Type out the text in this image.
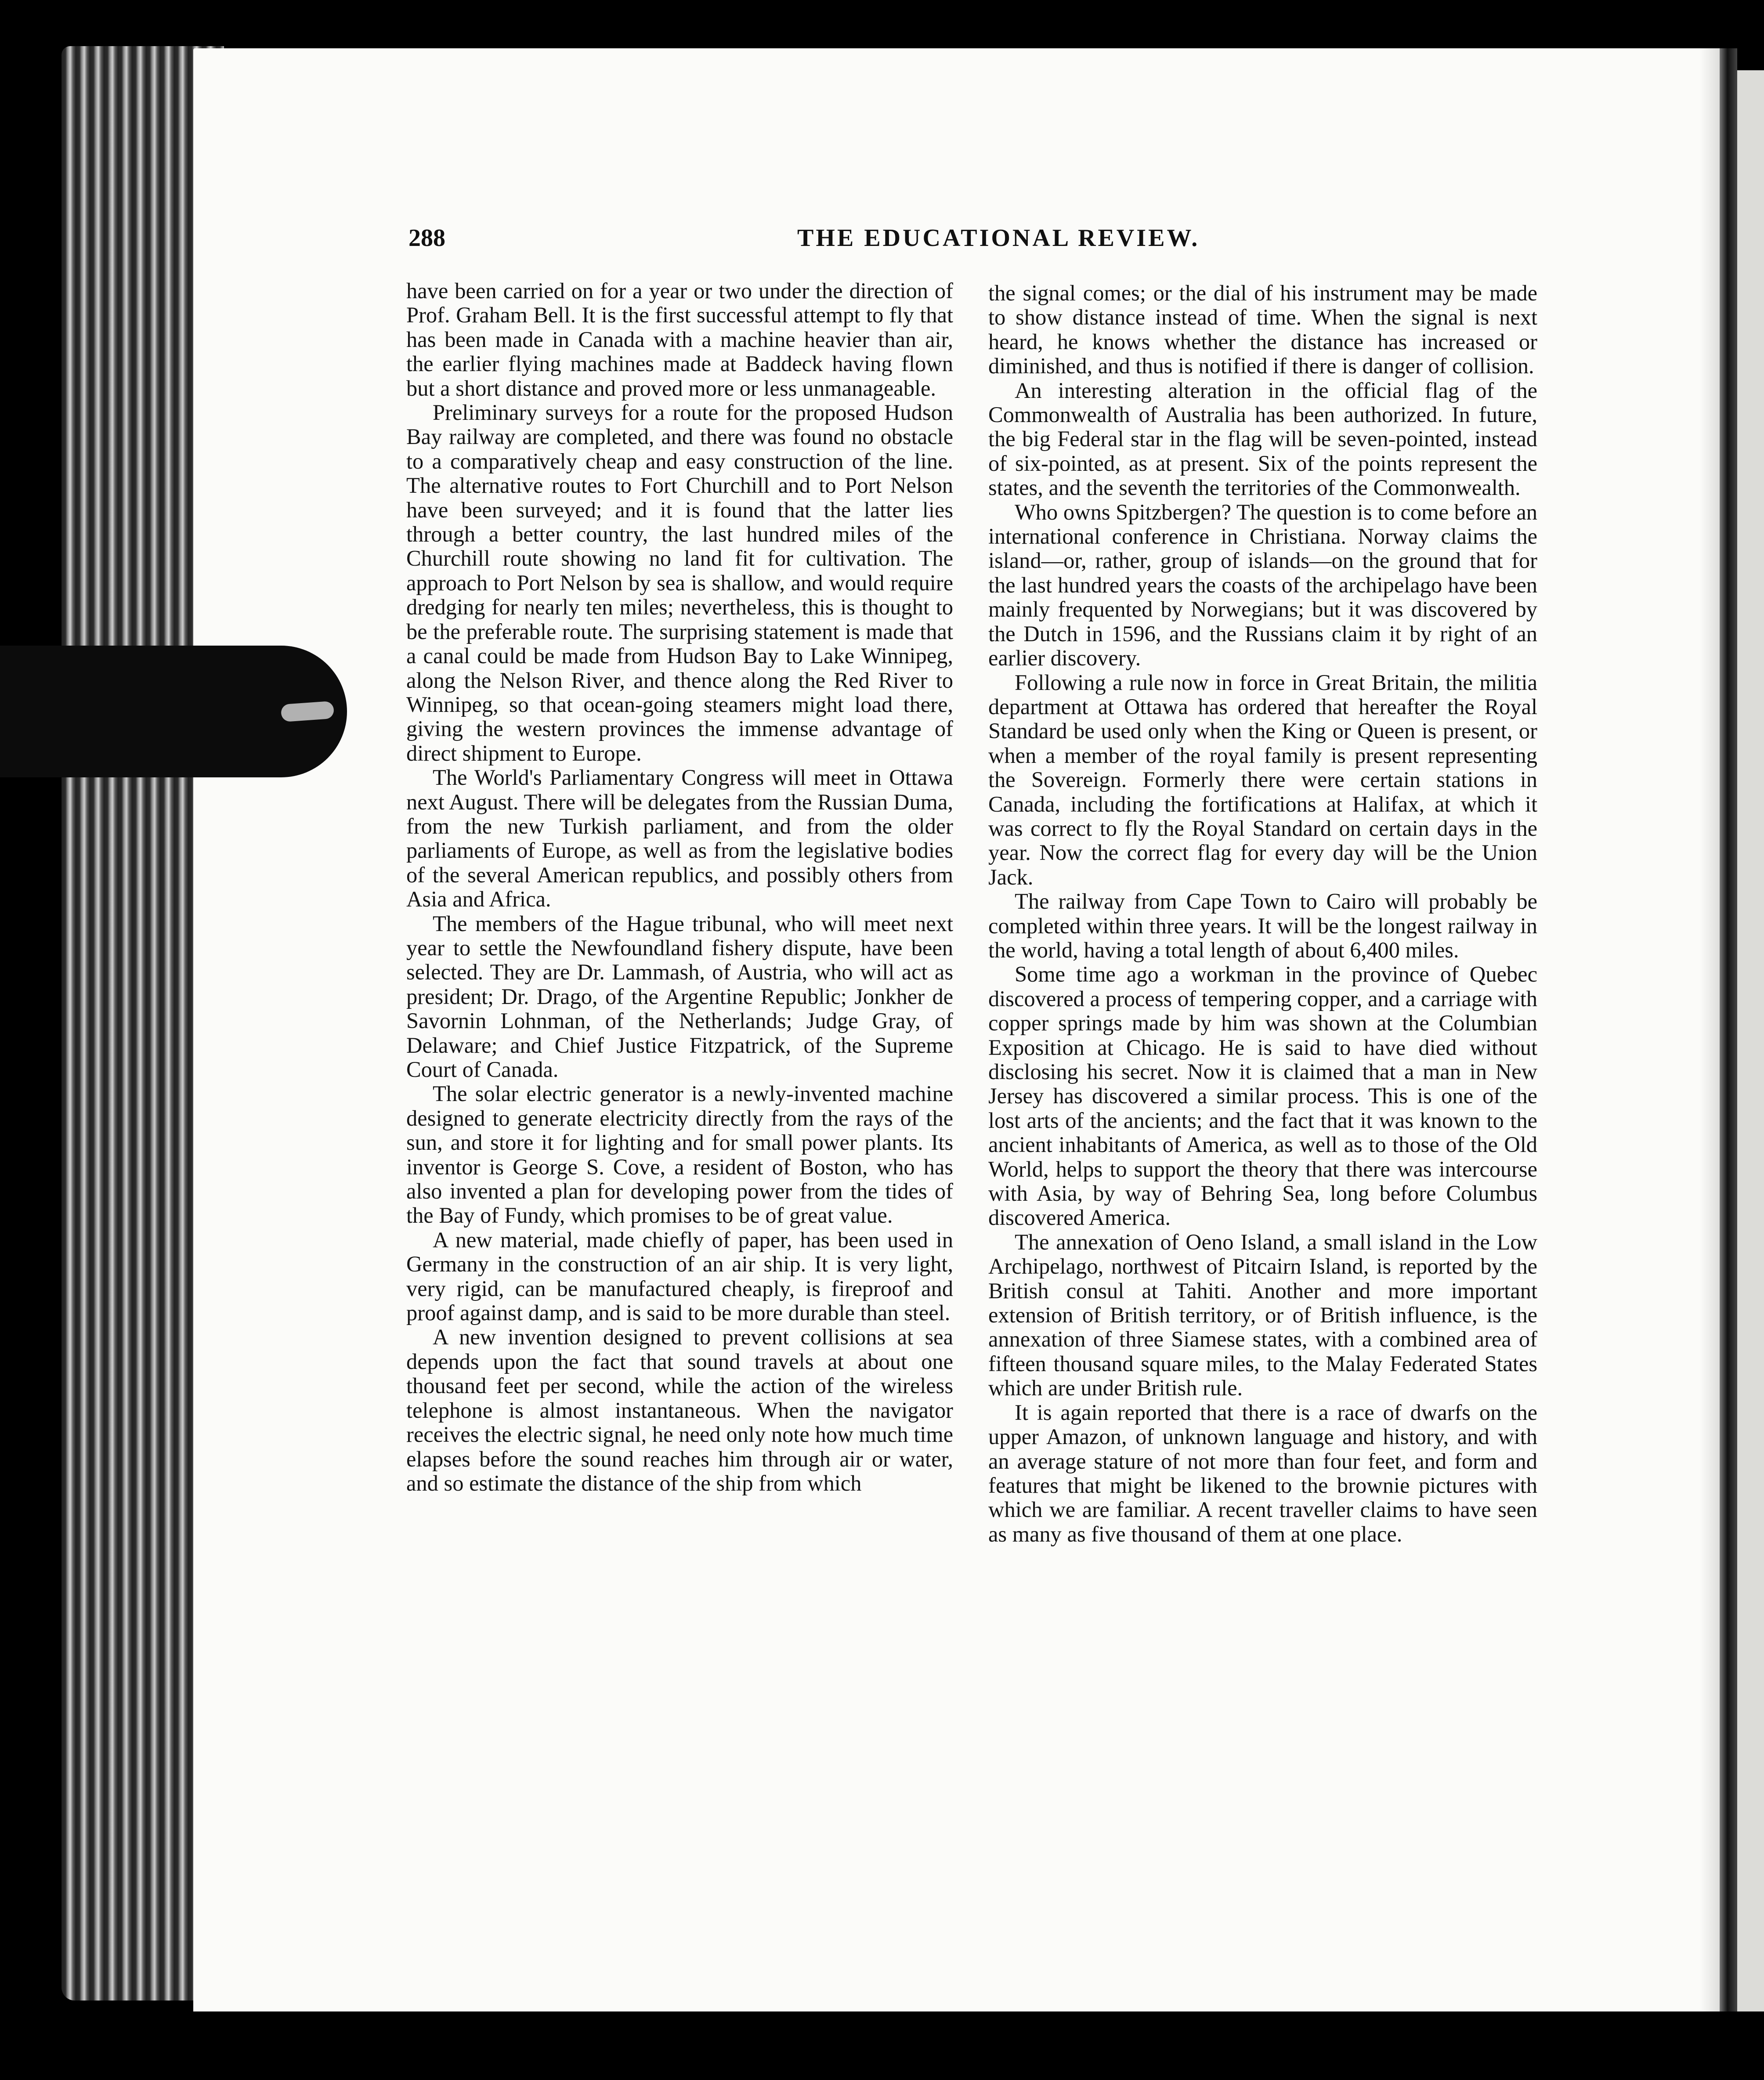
288	THE EDUCATIONAL REVIEW.

have been carried on for a year or two under the direction of Prof. Graham Bell. It is the first successful attempt to fly that has been made in Canada with a machine heavier than air, the earlier flying machines made at Baddeck having flown but a short distance and proved more or less unmanageable.

Preliminary surveys for a route for the proposed Hudson Bay railway are completed, and there was found no obstacle to a comparatively cheap and easy construction of the line. The alternative routes to Fort Churchill and to Port Nelson have been surveyed; and it is found that the latter lies through a better country, the last hundred miles of the Churchill route showing no land fit for cultivation. The approach to Port Nelson by sea is shallow, and would require dredging for nearly ten miles; nevertheless, this is thought to be the preferable route. The surprising statement is made that a canal could be made from Hudson Bay to Lake Winnipeg, along the Nelson River, and thence along the Red River to Winnipeg, so that ocean-going steamers might load there, giving the western provinces the immense advantage of direct shipment to Europe.

The World's Parliamentary Congress will meet in Ottawa next August. There will be delegates from the Russian Duma, from the new Turkish parliament, and from the older parliaments of Europe, as well as from the legislative bodies of the several American republics, and possibly others from Asia and Africa.

The members of the Hague tribunal, who will meet next year to settle the Newfoundland fishery dispute, have been selected. They are Dr. Lammash, of Austria, who will act as president; Dr. Drago, of the Argentine Republic; Jonkher de Savornin Lohnman, of the Netherlands; Judge Gray, of Delaware; and Chief Justice Fitzpatrick, of the Supreme Court of Canada.

The solar electric generator is a newly-invented machine designed to generate electricity directly from the rays of the sun, and store it for lighting and for small power plants. Its inventor is George S. Cove, a resident of Boston, who has also invented a plan for developing power from the tides of the Bay of Fundy, which promises to be of great value.

A new material, made chiefly of paper, has been used in Germany in the construction of an air ship. It is very light, very rigid, can be manufactured cheaply, is fireproof and proof against damp, and is said to be more durable than steel.

A new invention designed to prevent collisions at sea depends upon the fact that sound travels at about one thousand feet per second, while the action of the wireless telephone is almost instantaneous. When the navigator receives the electric signal, he need only note how much time elapses before the sound reaches him through air or water, and so estimate the distance of the ship from which

the signal comes; or the dial of his instrument may be made to show distance instead of time. When the signal is next heard, he knows whether the distance has increased or diminished, and thus is notified if there is danger of collision.

An interesting alteration in the official flag of the Commonwealth of Australia has been authorized. In future, the big Federal star in the flag will be seven-pointed, instead of six-pointed, as at present. Six of the points represent the states, and the seventh the territories of the Commonwealth.

Who owns Spitzbergen? The question is to come before an international conference in Christiana. Norway claims the island—or, rather, group of islands—on the ground that for the last hundred years the coasts of the archipelago have been mainly frequented by Norwegians; but it was discovered by the Dutch in 1596, and the Russians claim it by right of an earlier discovery.

Following a rule now in force in Great Britain, the militia department at Ottawa has ordered that hereafter the Royal Standard be used only when the King or Queen is present, or when a member of the royal family is present representing the Sovereign. Formerly there were certain stations in Canada, including the fortifications at Halifax, at which it was correct to fly the Royal Standard on certain days in the year. Now the correct flag for every day will be the Union Jack.

The railway from Cape Town to Cairo will probably be completed within three years. It will be the longest railway in the world, having a total length of about 6,400 miles.

Some time ago a workman in the province of Quebec discovered a process of tempering copper, and a carriage with copper springs made by him was shown at the Columbian Exposition at Chicago. He is said to have died without disclosing his secret. Now it is claimed that a man in New Jersey has discovered a similar process. This is one of the lost arts of the ancients; and the fact that it was known to the ancient inhabitants of America, as well as to those of the Old World, helps to support the theory that there was intercourse with Asia, by way of Behring Sea, long before Columbus discovered America.

The annexation of Oeno Island, a small island in the Low Archipelago, northwest of Pitcairn Island, is reported by the British consul at Tahiti. Another and more important extension of British territory, or of British influence, is the annexation of three Siamese states, with a combined area of fifteen thousand square miles, to the Malay Federated States which are under British rule.

It is again reported that there is a race of dwarfs on the upper Amazon, of unknown language and history, and with an average stature of not more than four feet, and form and features that might be likened to the brownie pictures with which we are familiar. A recent traveller claims to have seen as many as five thousand of them at one place.
